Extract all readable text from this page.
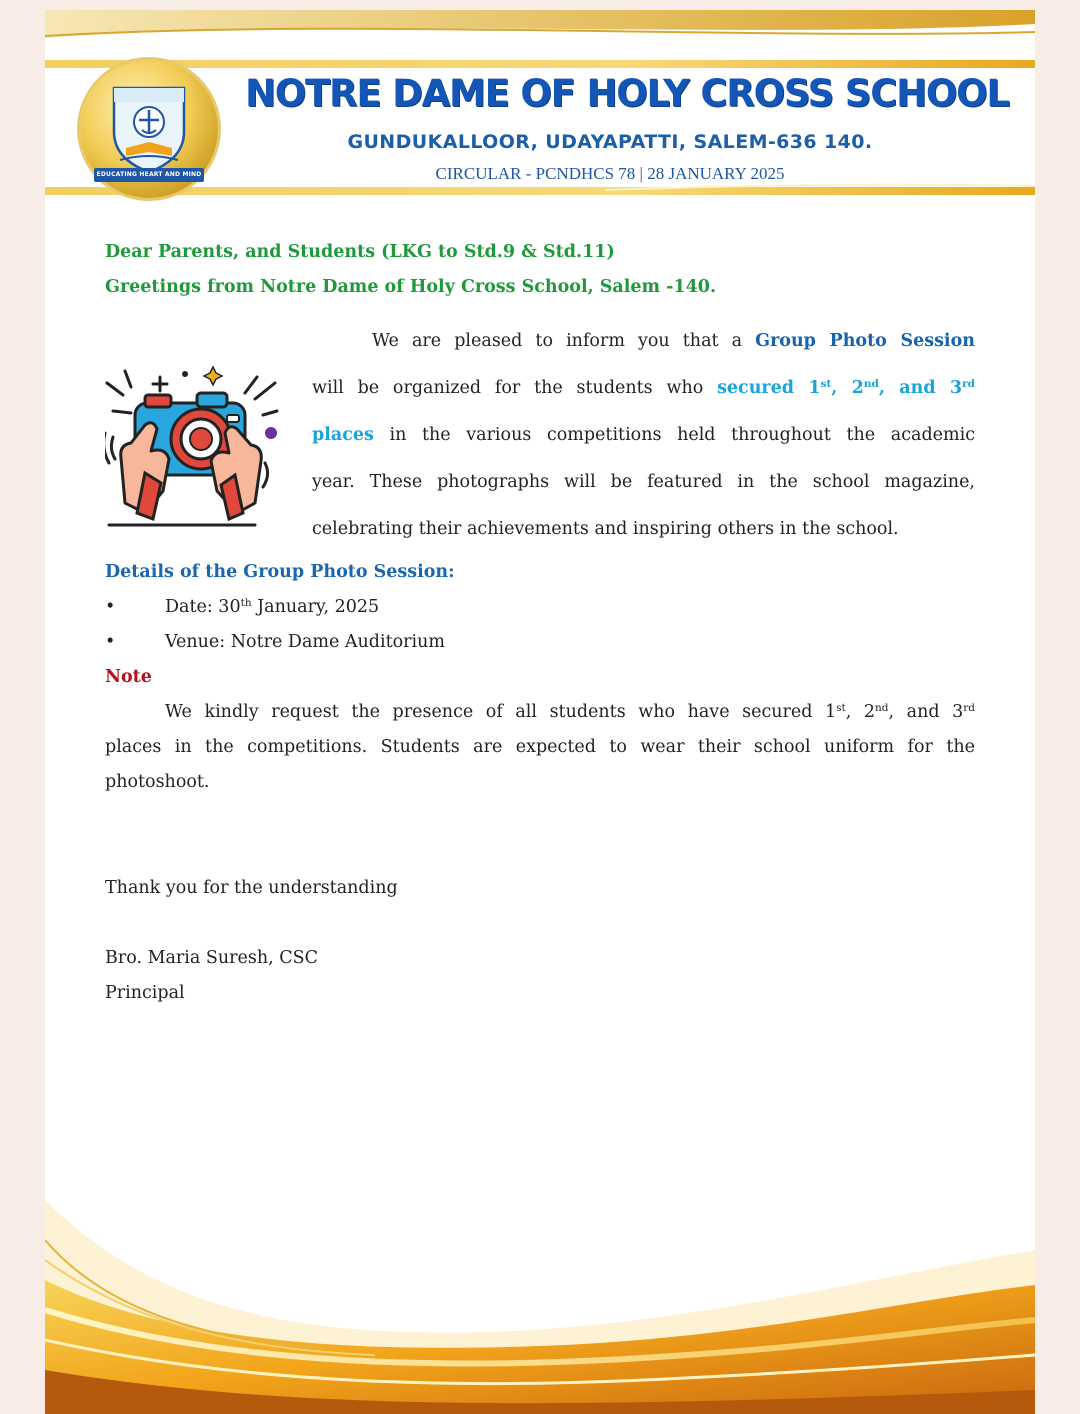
EDUCATING HEART AND MIND
NOTRE DAME OF HOLY CROSS SCHOOL
GUNDUKALLOOR, UDAYAPATTI, SALEM-636 140.
CIRCULAR - PCNDHCS 78 | 28 JANUARY 2025
Dear Parents, and Students (LKG to Std.9 & Std.11)
Greetings from Notre Dame of Holy Cross School, Salem -140.
We are pleased to inform you that a Group Photo Session
will be organized for the students who secured 1st, 2nd, and 3rd
places in the various competitions held throughout the academic
year. These photographs will be featured in the school magazine,
celebrating their achievements and inspiring others in the school.
Details of the Group Photo Session:
•	Date: 30th January, 2025
•	Venue: Notre Dame Auditorium
Note
We kindly request the presence of all students who have secured 1st, 2nd, and 3rd
places in the competitions. Students are expected to wear their school uniform for the photoshoot.
Thank you for the understanding
Bro. Maria Suresh, CSC
Principal
